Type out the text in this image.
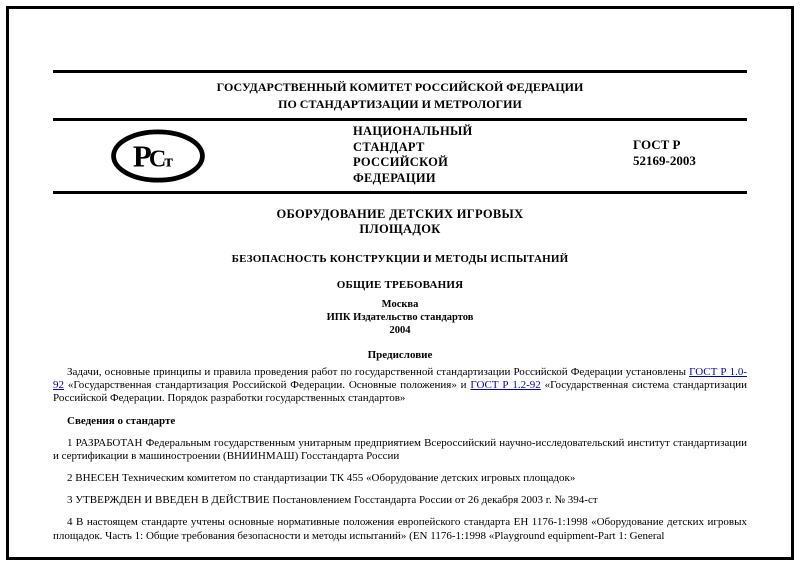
ГОСУДАРСТВЕННЫЙ КОМИТЕТ РОССИЙСКОЙ ФЕДЕРАЦИИ
ПО СТАНДАРТИЗАЦИИ И МЕТРОЛОГИИ
РСт
НАЦИОНАЛЬНЫЙ
СТАНДАРТ
РОССИЙСКОЙ
ФЕДЕРАЦИИ
ГОСТ Р
52169-2003
ОБОРУДОВАНИЕ ДЕТСКИХ ИГРОВЫХ
ПЛОЩАДОК
БЕЗОПАСНОСТЬ КОНСТРУКЦИИ И МЕТОДЫ ИСПЫТАНИЙ
ОБЩИЕ ТРЕБОВАНИЯ
Москва
ИПК Издательство стандартов
2004
Предисловие

Задачи, основные принципы и правила проведения работ по государственной стандартизации Российской Федерации установлены ГОСТ Р 1.0-92 «Государственная стандартизация Российской Федерации. Основные положения» и ГОСТ Р 1.2-92 «Государственная система стандартизации Российской Федерации. Порядок разработки государственных стандартов»

Сведения о стандарте

1 РАЗРАБОТАН Федеральным государственным унитарным предприятием Всероссийский научно-исследовательский институт стандартизации и сертификации в машиностроении (ВНИИНМАШ) Госстандарта России

2 ВНЕСЕН Техническим комитетом по стандартизации ТК 455 «Оборудование детских игровых площадок»

3 УТВЕРЖДЕН И ВВЕДЕН В ДЕЙСТВИЕ Постановлением Госстандарта России от 26 декабря 2003 г. № 394-ст

4 В настоящем стандарте учтены основные нормативные положения европейского стандарта ЕН 1176-1:1998 «Оборудование детских игровых площадок. Часть 1: Общие требования безопасности и методы испытаний» (EN 1176-1:1998 «Playground equipment-Part 1: General
